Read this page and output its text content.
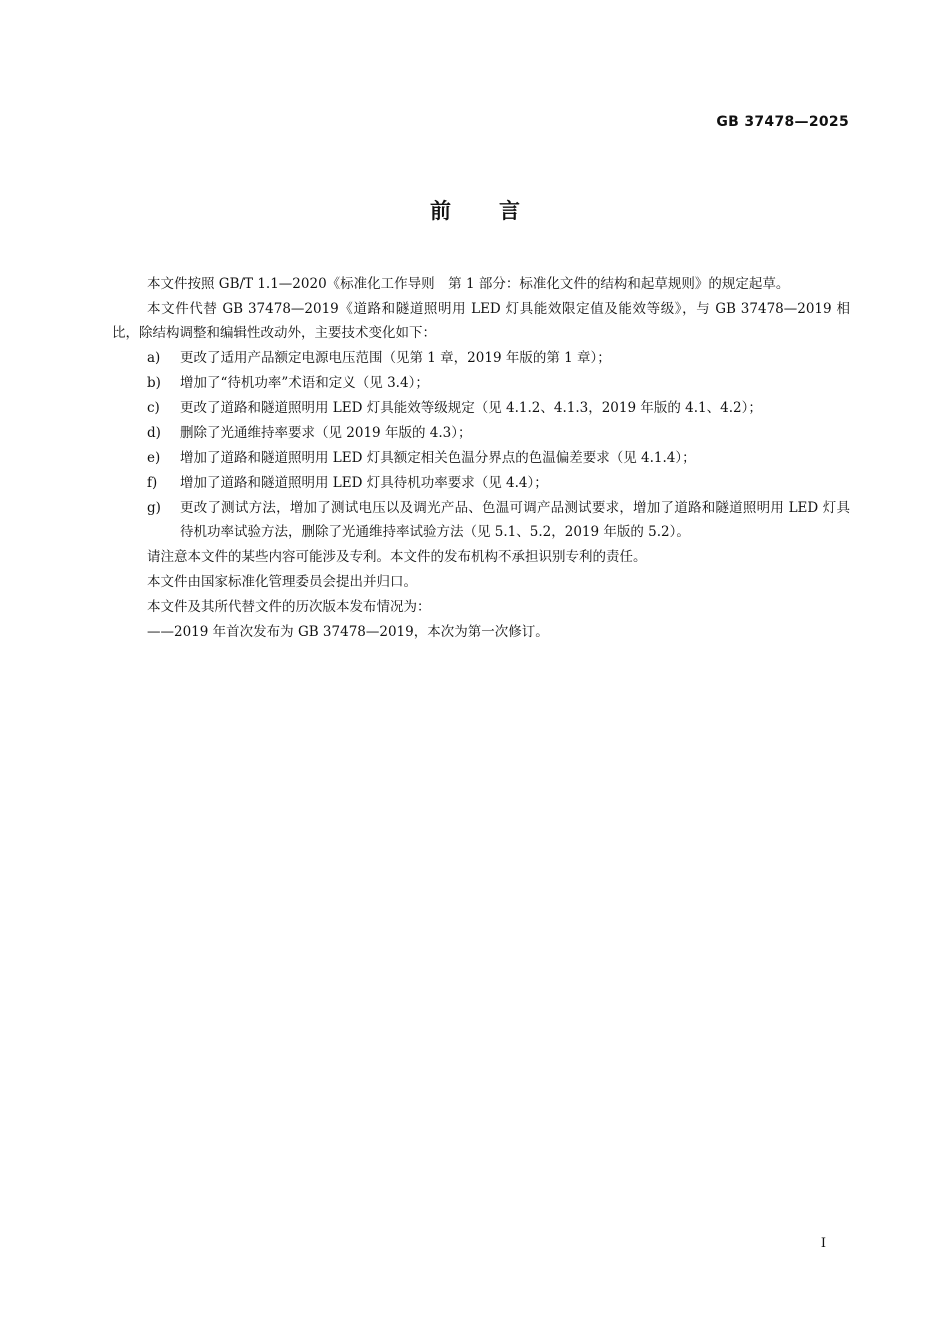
GB 37478—2025
前言

本文件按照 GB/T 1.1—2020《标准化工作导则　第 1 部分：标准化文件的结构和起草规则》的规定起草。

本文件代替 GB 37478—2019《道路和隧道照明用 LED 灯具能效限定值及能效等级》，与 GB 37478—2019 相比，除结构调整和编辑性改动外，主要技术变化如下：

a) 更改了适用产品额定电源电压范围（见第 1 章，2019 年版的第 1 章）；
b) 增加了“待机功率”术语和定义（见 3.4）；
c) 更改了道路和隧道照明用 LED 灯具能效等级规定（见 4.1.2、4.1.3，2019 年版的 4.1、4.2）；
d) 删除了光通维持率要求（见 2019 年版的 4.3）；
e) 增加了道路和隧道照明用 LED 灯具额定相关色温分界点的色温偏差要求（见 4.1.4）；
f) 增加了道路和隧道照明用 LED 灯具待机功率要求（见 4.4）；
g) 更改了测试方法，增加了测试电压以及调光产品、色温可调产品测试要求，增加了道路和隧道照明用 LED 灯具待机功率试验方法，删除了光通维持率试验方法（见 5.1、5.2，2019 年版的 5.2）。

请注意本文件的某些内容可能涉及专利。本文件的发布机构不承担识别专利的责任。

本文件由国家标准化管理委员会提出并归口。

本文件及其所代替文件的历次版本发布情况为：

——2019 年首次发布为 GB 37478—2019，本次为第一次修订。

I
